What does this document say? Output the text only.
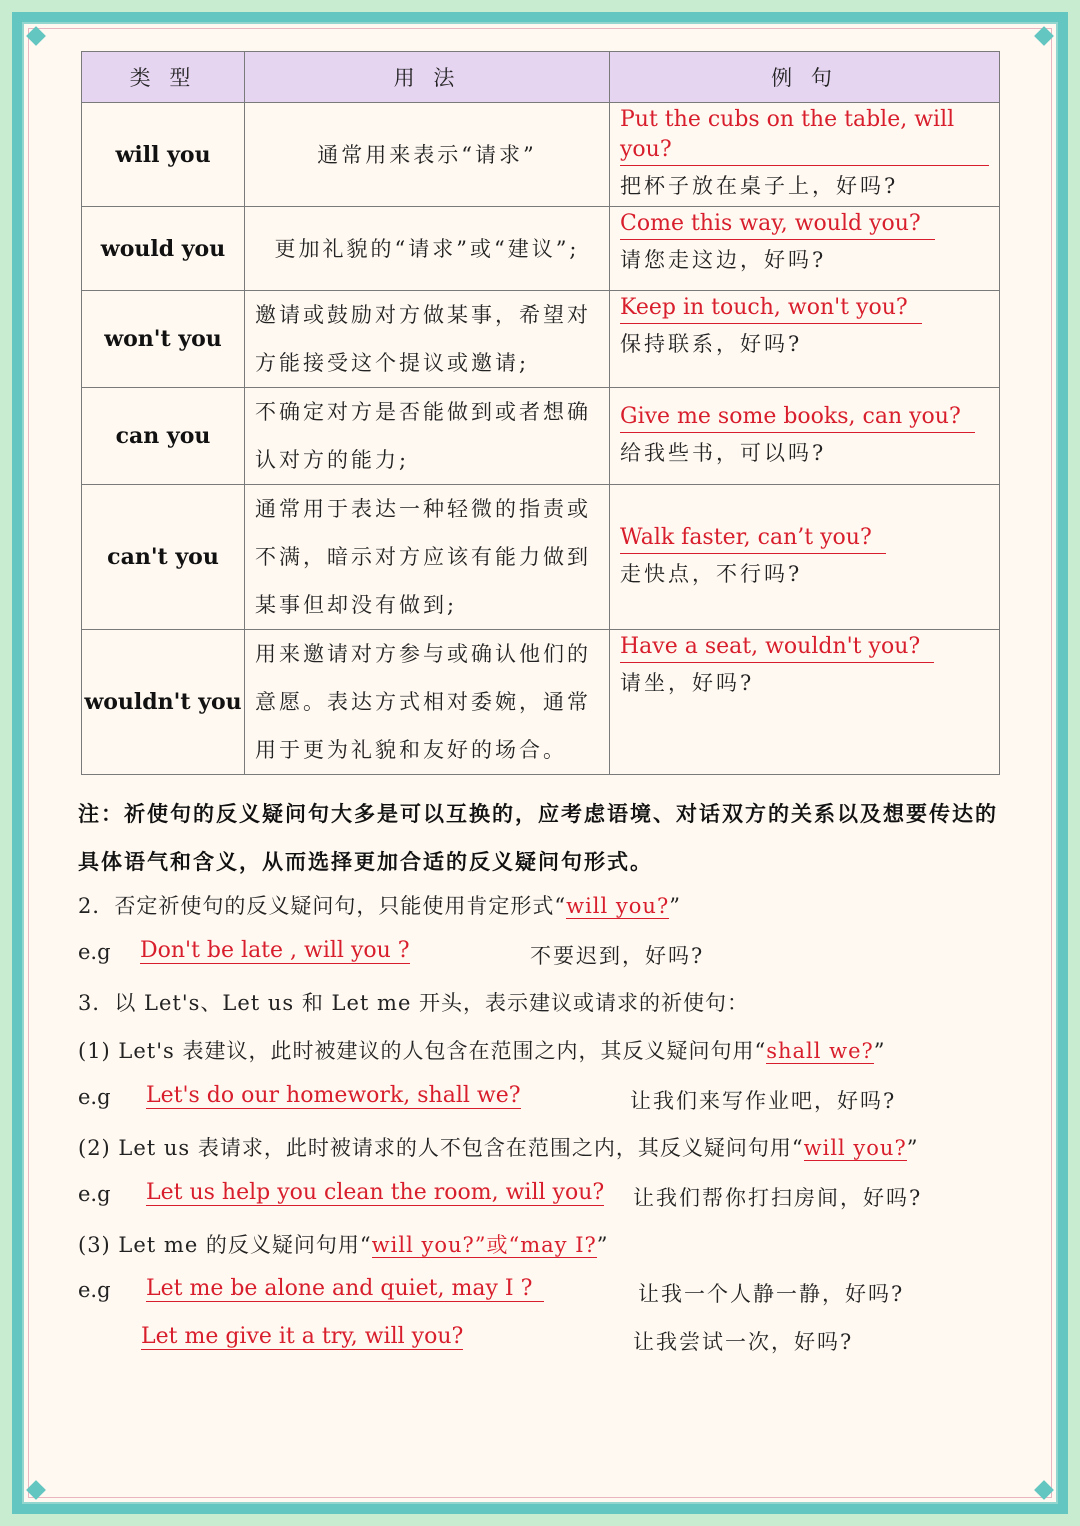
类 型	用 法	例 句
will you	通常用来表示“请求”	Put the cubs on the table, will you?
把杯子放在桌子上，好吗?

would you	更加礼貌的“请求”或“建议”;	Come this way, would you?
请您走这边，好吗?

won't you	邀请或鼓励对方做某事，希望对方能接受这个提议或邀请;	Keep in touch, won't you?
保持联系，好吗?

can you	不确定对方是否能做到或者想确认对方的能力;	Give me some books, can you?
给我些书，可以吗?

can't you	通常用于表达一种轻微的指责或不满，暗示对方应该有能力做到某事但却没有做到;	Walk faster, can’t you?
走快点，不行吗?

wouldn't you	用来邀请对方参与或确认他们的意愿。表达方式相对委婉，通常用于更为礼貌和友好的场合。	Have a seat, wouldn't you?
请坐，好吗?
注：祈使句的反义疑问句大多是可以互换的，应考虑语境、对话双方的关系以及想要传达的具体语气和含义，从而选择更加合适的反义疑问句形式。
2．否定祈使句的反义疑问句，只能使用肯定形式“will you?”
e.g Don't be late , will you ?	不要迟到，好吗?
3．以 Let's、Let us 和 Let me 开头，表示建议或请求的祈使句：
(1) Let's 表建议，此时被建议的人包含在范围之内，其反义疑问句用“shall we?”
e.g Let's do our homework, shall we?	让我们来写作业吧，好吗?
(2) Let us 表请求，此时被请求的人不包含在范围之内，其反义疑问句用“will you?”
e.g Let us help you clean the room, will you? 让我们帮你打扫房间，好吗?
(3) Let me 的反义疑问句用“will you?”或“may I?”
e.g Let me be alone and quiet, may I ?	让我一个人静一静，好吗?
Let me give it a try, will you?	让我尝试一次，好吗?
